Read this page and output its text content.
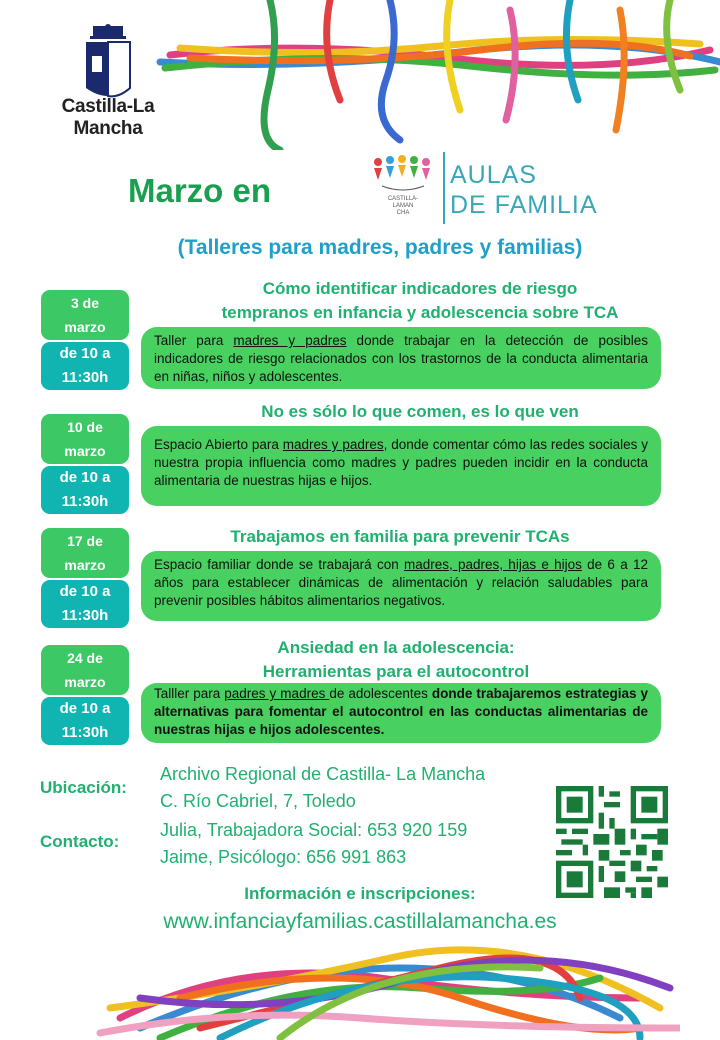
Castilla-La Mancha
Marzo en	CASTILLA-
LAMAN
CHA
AULAS
DE FAMILIA
(Talleres para madres, padres y familias)
3 de
marzo
de 10 a
11:30h
Cómo identificar indicadores de riesgo
tempranos en infancia y adolescencia sobre TCA
Taller para madres y padres donde trabajar en la detección de posibles indicadores de riesgo relacionados con los trastornos de la conducta alimentaria en niñas, niños y adolescentes.
10 de
marzo
de 10 a
11:30h
No es sólo lo que comen, es lo que ven
Espacio Abierto para madres y padres, donde comentar cómo las redes sociales y nuestra propia influencia como madres y padres pueden incidir en la conducta alimentaria de nuestras hijas e hijos.
17 de
marzo
de 10 a
11:30h
Trabajamos en familia para prevenir TCAs
Espacio familiar donde se trabajará con madres, padres, hijas e hijos de 6 a 12 años para establecer dinámicas de alimentación y relación saludables para prevenir posibles hábitos alimentarios negativos.
24 de
marzo
de 10 a
11:30h
Ansiedad en la adolescencia:
Herramientas para el autocontrol
Talller para padres y madres de adolescentes donde trabajaremos estrategias y alternativas para fomentar el autocontrol en las conductas alimentarias de nuestras hijas e hijos adolescentes.
Ubicación:
Archivo Regional de Castilla- La Mancha
C. Río Cabriel, 7, Toledo
Contacto:
Julia, Trabajadora Social: 653 920 159
Jaime, Psicólogo: 656 991 863
Información e inscripciones:
www.infanciayfamilias.castillalamancha.es
